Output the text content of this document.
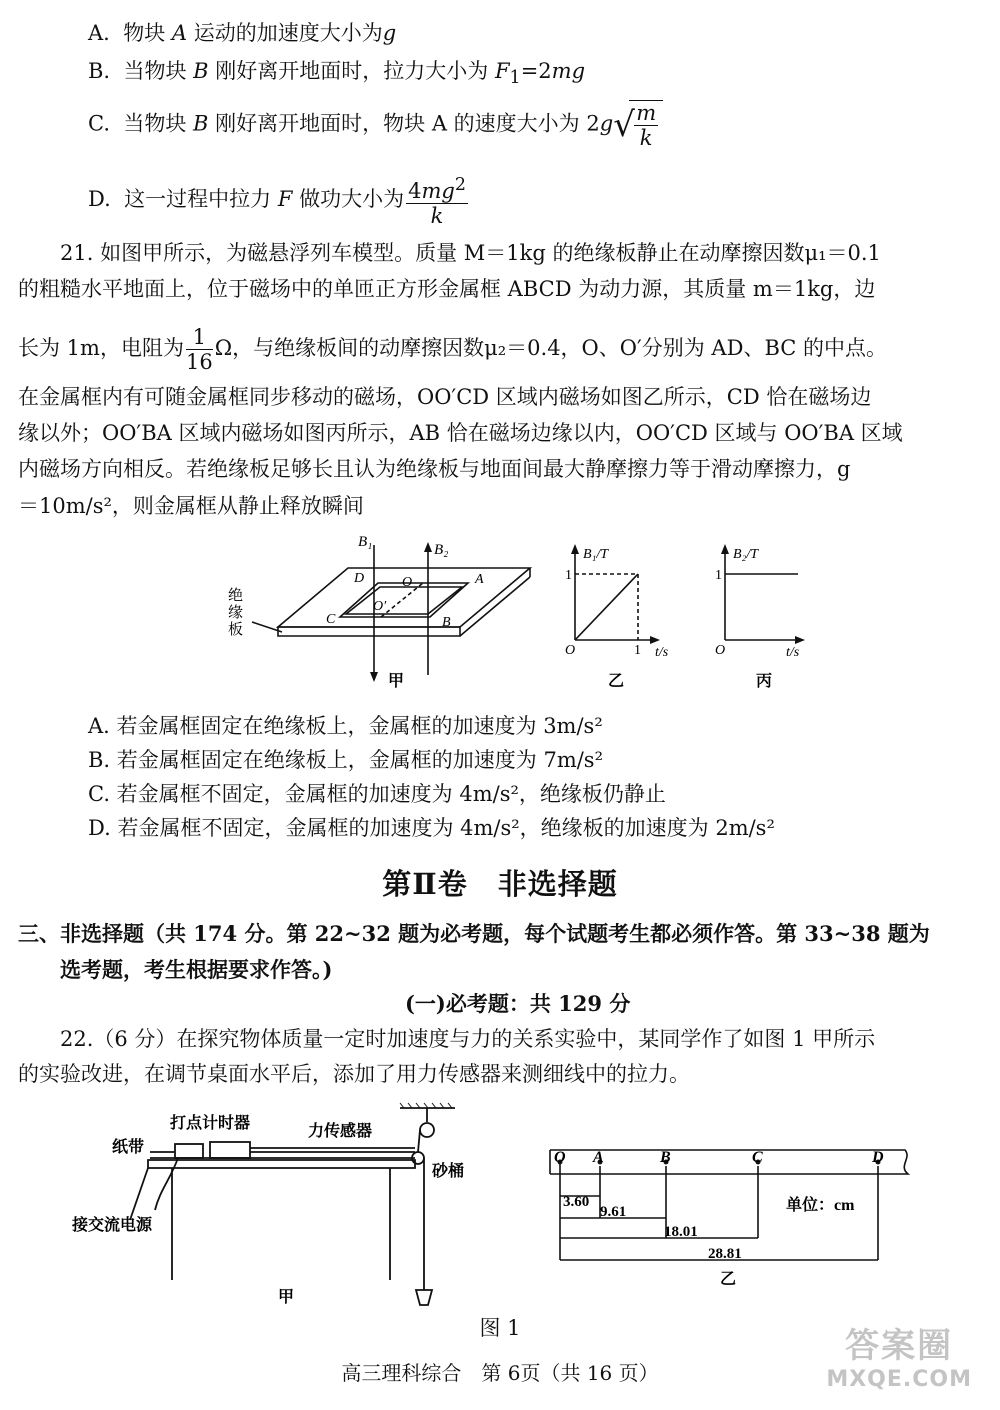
A. 物块 A 运动的加速度大小为g
B. 当物块 B 刚好离开地面时，拉力大小为 $F_1=2mg$
C. 当物块 B 刚好离开地面时，物块 A 的速度大小为 2g
√ $\frac{m}{k}$
D. 这一过程中拉力 F 做功大小为 $\frac{4mg^2}{k}$
21. 如图甲所示，为磁悬浮列车模型。质量 M＝1kg 的绝缘板静止在动摩擦因数μ₁＝0.1
的粗糙水平地面上，位于磁场中的单匝正方形金属框 ABCD 为动力源，其质量 m＝1kg，边
长为 1m，电阻为 $\frac{1}{16}$ Ω，与绝缘板间的动摩擦因数μ₂＝0.4，O、O′分别为 AD、BC 的中点。
在金属框内有可随金属框同步移动的磁场，OO′CD 区域内磁场如图乙所示，CD 恰在磁场边
缘以外；OO′BA 区域内磁场如图丙所示，AB 恰在磁场边缘以内，OO′CD 区域与 OO′BA 区域
内磁场方向相反。若绝缘板足够长且认为绝缘板与地面间最大静摩擦力等于滑动摩擦力，g
＝10m/s²，则金属框从静止释放瞬间
B₁	B₂
D	A
C	B
O
O′
绝
缘
板
甲
B₁/T
1
1
O	t/s
乙
B₂/T
1
O	t/s
丙
A. 若金属框固定在绝缘板上，金属框的加速度为 3m/s²
B. 若金属框固定在绝缘板上，金属框的加速度为 7m/s²
C. 若金属框不固定，金属框的加速度为 4m/s²，绝缘板仍静止
D. 若金属框不固定，金属框的加速度为 4m/s²，绝缘板的加速度为 2m/s²
第Ⅱ卷　非选择题
三、非选择题（共 174 分。第 22~32 题为必考题，每个试题考生都必须作答。第 33~38 题为
选考题，考生根据要求作答。)
(一)必考题：共 129 分
22.（6 分）在探究物体质量一定时加速度与力的关系实验中，某同学作了如图 1 甲所示
的实验改进，在调节桌面水平后，添加了用力传感器来测细线中的拉力。
打点计时器
纸带
力传感器
砂桶
接交流电源
甲
O A	B	C	D
3.60
9.61
18.01
28.81
单位：cm
乙
图 1
高三理科综合　第 6页（共 16 页）
答案圈
MXQE.COM
